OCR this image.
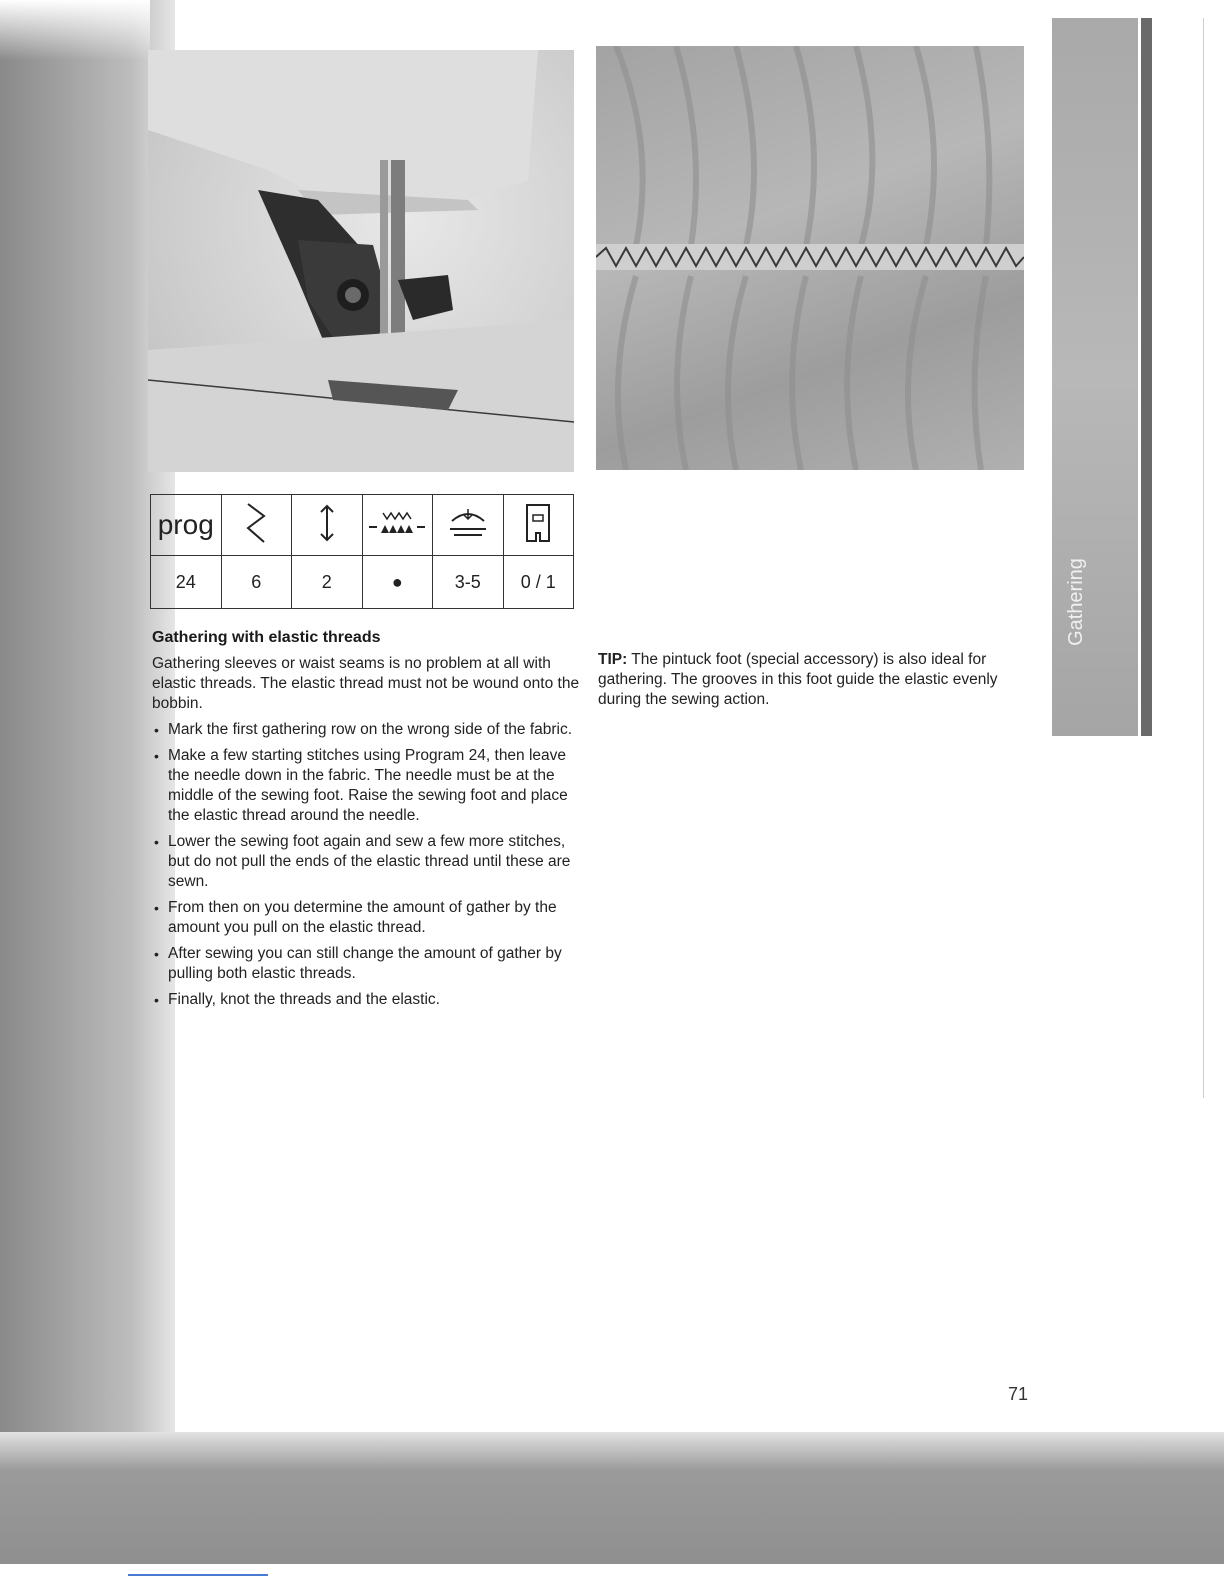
Gathering
prog					
24	6	2	●	3-5	0 / 1
Gathering with elastic threads

Gathering sleeves or waist seams is no problem at all with elastic threads. The elastic thread must not be wound onto the bobbin.

• Mark the first gathering row on the wrong side of the fabric.
• Make a few starting stitches using Program 24, then leave the needle down in the fabric. The needle must be at the middle of the sewing foot. Raise the sewing foot and place the elastic thread around the needle.
• Lower the sewing foot again and sew a few more stitches, but do not pull the ends of the elastic thread until these are sewn.
• From then on you determine the amount of gather by the amount you pull on the elastic thread.
• After sewing you can still change the amount of gather by pulling both elastic threads.
• Finally, knot the threads and the elastic.
TIP: The pintuck foot (special accessory) is also ideal for gathering. The grooves in this foot guide the elastic evenly during the sewing action.
71
